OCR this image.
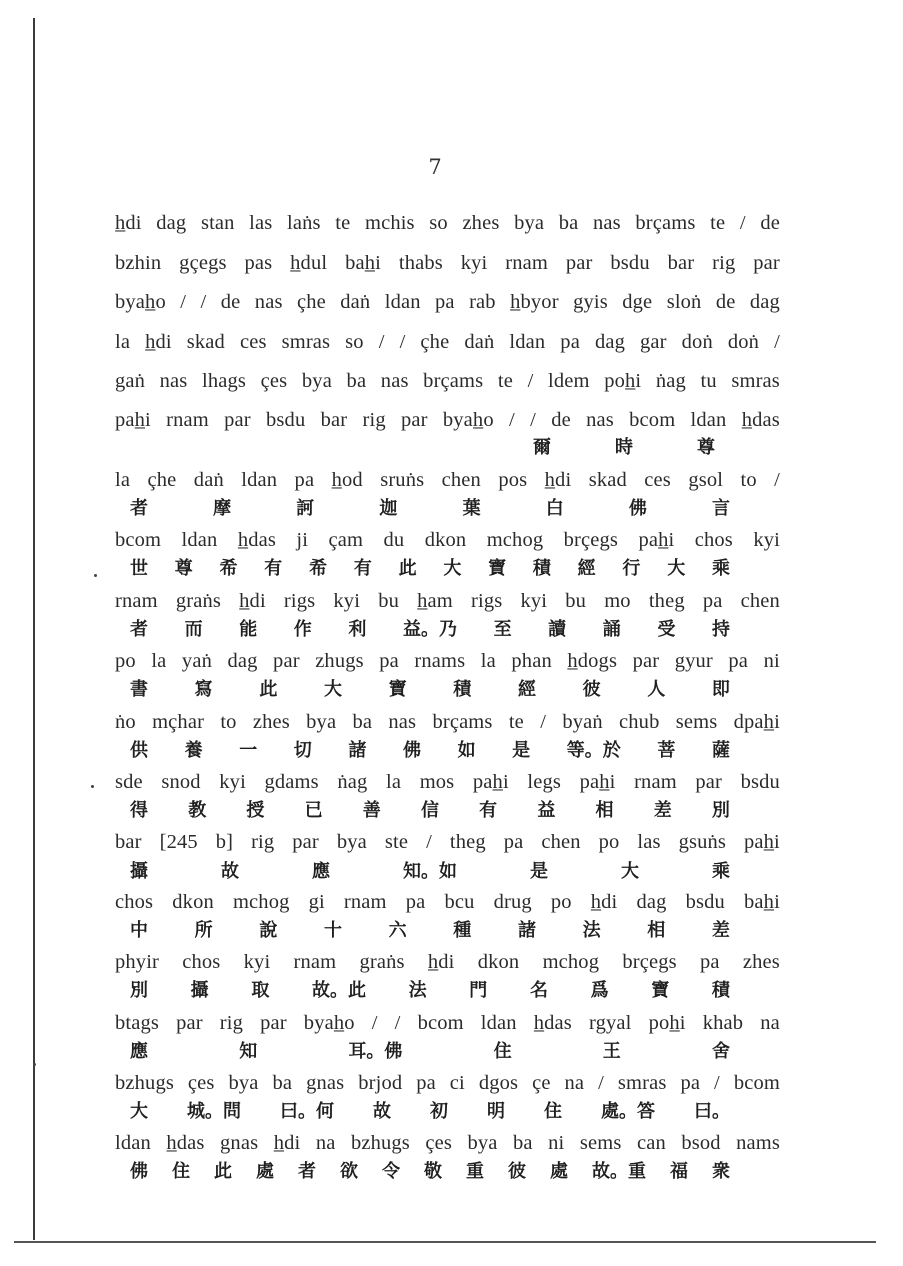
7
h̲di dag stan las laṅs te mchis so zhes bya ba nas brçams te / de
bzhin gçegs pas h̲dul bah̲i thabs kyi rnam par bsdu bar rig par
byah̲o / / de nas çhe daṅ ldan pa rab h̲byor gyis dge sloṅ de dag
la h̲di skad ces smras so / / çhe daṅ ldan pa dag gar doṅ doṅ /
gaṅ nas lhags çes bya ba nas brçams te / ldem poh̲i ṅag tu smras
pah̲i rnam par bsdu bar rig par byah̲o / / de nas bcom ldan h̲das
爾	時	尊
la çhe daṅ ldan pa h̲od sruṅs chen pos h̲di skad ces gsol to /
者	摩	訶	迦	葉	白	佛	言
bcom ldan h̲das ji çam du dkon mchog brçegs pah̲i chos kyi
世 尊 希 有 希 有 此 大 寶 積 經 行 大 乘
rnam graṅs h̲di rigs kyi bu h̲am rigs kyi bu mo theg pa chen
者 而 能 作 利 益。乃 至 讀 誦 受 持
po la yaṅ dag par zhugs pa rnams la phan h̲dogs par gyur pa ni
書	寫	此	大	寶	積	經	彼	人	即
ṅo mçhar to zhes bya ba nas brçams te / byaṅ chub sems dpah̲i
供 養 一 切 諸 佛 如 是 等。於 菩 薩
sde snod kyi gdams ṅag la mos pah̲i legs pah̲i rnam par bsdu
得 教 授 已 善 信 有 益 相 差 別
bar [245 b] rig par bya ste / theg pa chen po las gsuṅs pah̲i
攝	故	應	知。如	是	大	乘
chos dkon mchog gi rnam pa bcu drug po h̲di dag bsdu bah̲i
中	所	說	十	六	種	諸	法	相	差
phyir chos kyi rnam graṅs h̲di dkon mchog brçegs pa zhes
別 攝 取 故。此 法 門 名 爲 寶 積
btags par rig par byah̲o / / bcom ldan h̲das rgyal poh̲i khab na
應	知	耳。佛	住	王	舍
bzhugs çes bya ba gnas brjod pa ci dgos çe na / smras pa / bcom
大 城。問 曰。何 故 初 明 住 處。答 曰。
ldan h̲das gnas h̲di na bzhugs çes bya ba ni sems can bsod nams
佛 住 此 處 者 欲 令 敬 重 彼 處 故。重 福 衆
